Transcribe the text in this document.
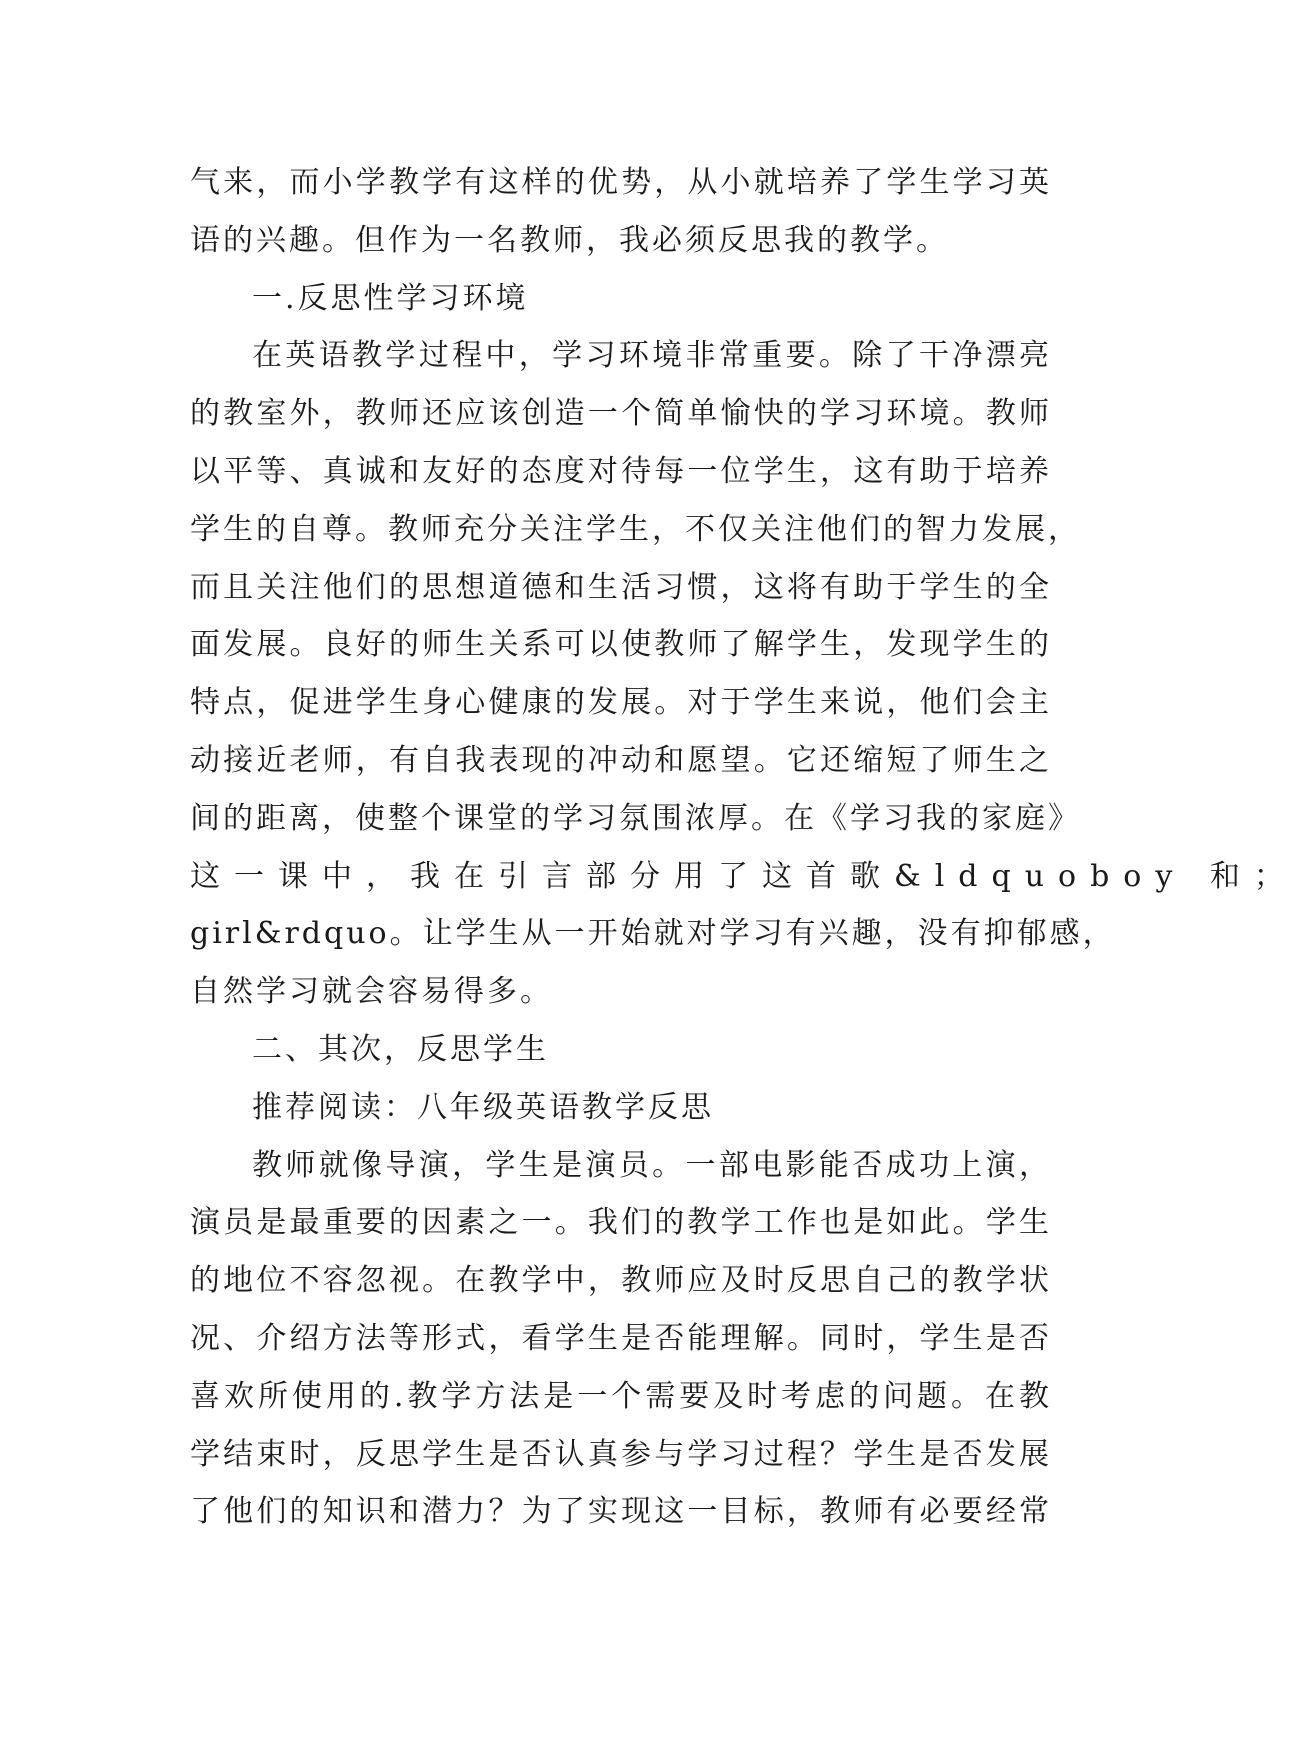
气来，而小学教学有这样的优势，从小就培养了学生学习英
语的兴趣。但作为一名教师，我必须反思我的教学。
一.反思性学习环境
在英语教学过程中，学习环境非常重要。除了干净漂亮
的教室外，教师还应该创造一个简单愉快的学习环境。教师
以平等、真诚和友好的态度对待每一位学生，这有助于培养
学生的自尊。教师充分关注学生，不仅关注他们的智力发展，
而且关注他们的思想道德和生活习惯，这将有助于学生的全
面发展。良好的师生关系可以使教师了解学生，发现学生的
特点，促进学生身心健康的发展。对于学生来说，他们会主
动接近老师，有自我表现的冲动和愿望。它还缩短了师生之
间的距离，使整个课堂的学习氛围浓厚。在《学习我的家庭》
这一课中，我在引言部分用了这首歌&ldquoboy 和；
girl&rdquo。让学生从一开始就对学习有兴趣，没有抑郁感，
自然学习就会容易得多。
二、其次，反思学生
推荐阅读：八年级英语教学反思
教师就像导演，学生是演员。一部电影能否成功上演，
演员是最重要的因素之一。我们的教学工作也是如此。学生
的地位不容忽视。在教学中，教师应及时反思自己的教学状
况、介绍方法等形式，看学生是否能理解。同时，学生是否
喜欢所使用的.教学方法是一个需要及时考虑的问题。在教
学结束时，反思学生是否认真参与学习过程？学生是否发展
了他们的知识和潜力？为了实现这一目标，教师有必要经常
